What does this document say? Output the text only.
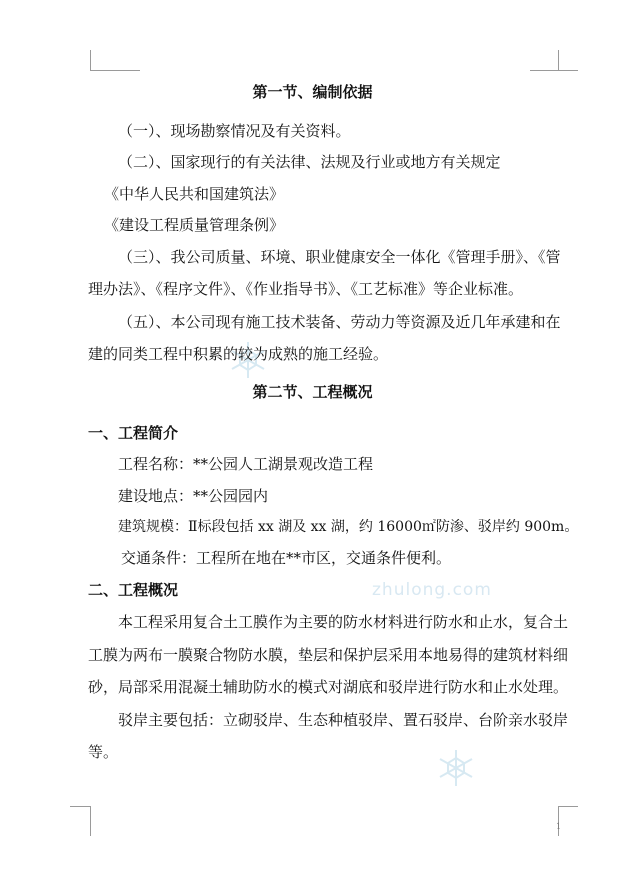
zhulong.com
第一节、编制依据
（一）、现场勘察情况及有关资料。
（二）、国家现行的有关法律、法规及行业或地方有关规定
《中华人民共和国建筑法》
《建设工程质量管理条例》
（三）、我公司质量、环境、职业健康安全一体化《管理手册》、《管
理办法》、《程序文件》、《作业指导书》、《工艺标准》等企业标准。
（五）、本公司现有施工技术装备、劳动力等资源及近几年承建和在
建的同类工程中积累的较为成熟的施工经验。
第二节、工程概况
一、工程简介
工程名称：**公园人工湖景观改造工程
建设地点：**公园园内
建筑规模：Ⅱ标段包括 xx 湖及 xx 湖，约 16000㎡防渗、驳岸约 900m。
交通条件：工程所在地在**市区，交通条件便利。
二、工程概况
本工程采用复合土工膜作为主要的防水材料进行防水和止水，复合土
工膜为两布一膜聚合物防水膜，垫层和保护层采用本地易得的建筑材料细
砂，局部采用混凝土辅助防水的模式对湖底和驳岸进行防水和止水处理。
驳岸主要包括：立砌驳岸、生态种植驳岸、置石驳岸、台阶亲水驳岸
等。
1
